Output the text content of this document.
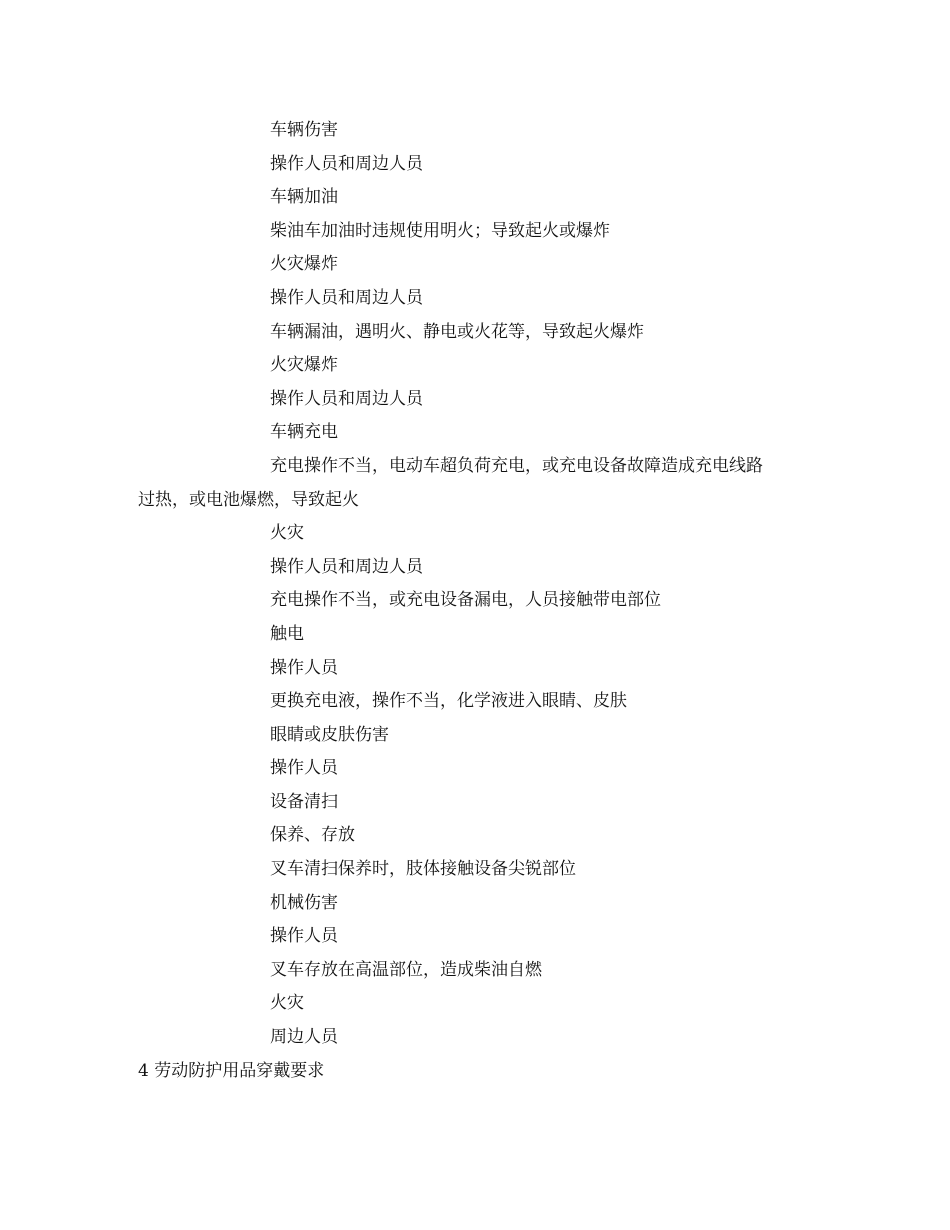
车辆伤害
操作人员和周边人员
车辆加油
柴油车加油时违规使用明火；导致起火或爆炸
火灾爆炸
操作人员和周边人员
车辆漏油，遇明火、静电或火花等，导致起火爆炸
火灾爆炸
操作人员和周边人员
车辆充电
充电操作不当，电动车超负荷充电，或充电设备故障造成充电线路
过热，或电池爆燃，导致起火
火灾
操作人员和周边人员
充电操作不当，或充电设备漏电，人员接触带电部位
触电
操作人员
更换充电液，操作不当，化学液进入眼睛、皮肤
眼睛或皮肤伤害
操作人员
设备清扫
保养、存放
叉车清扫保养时，肢体接触设备尖锐部位
机械伤害
操作人员
叉车存放在高温部位，造成柴油自燃
火灾
周边人员
4 劳动防护用品穿戴要求
